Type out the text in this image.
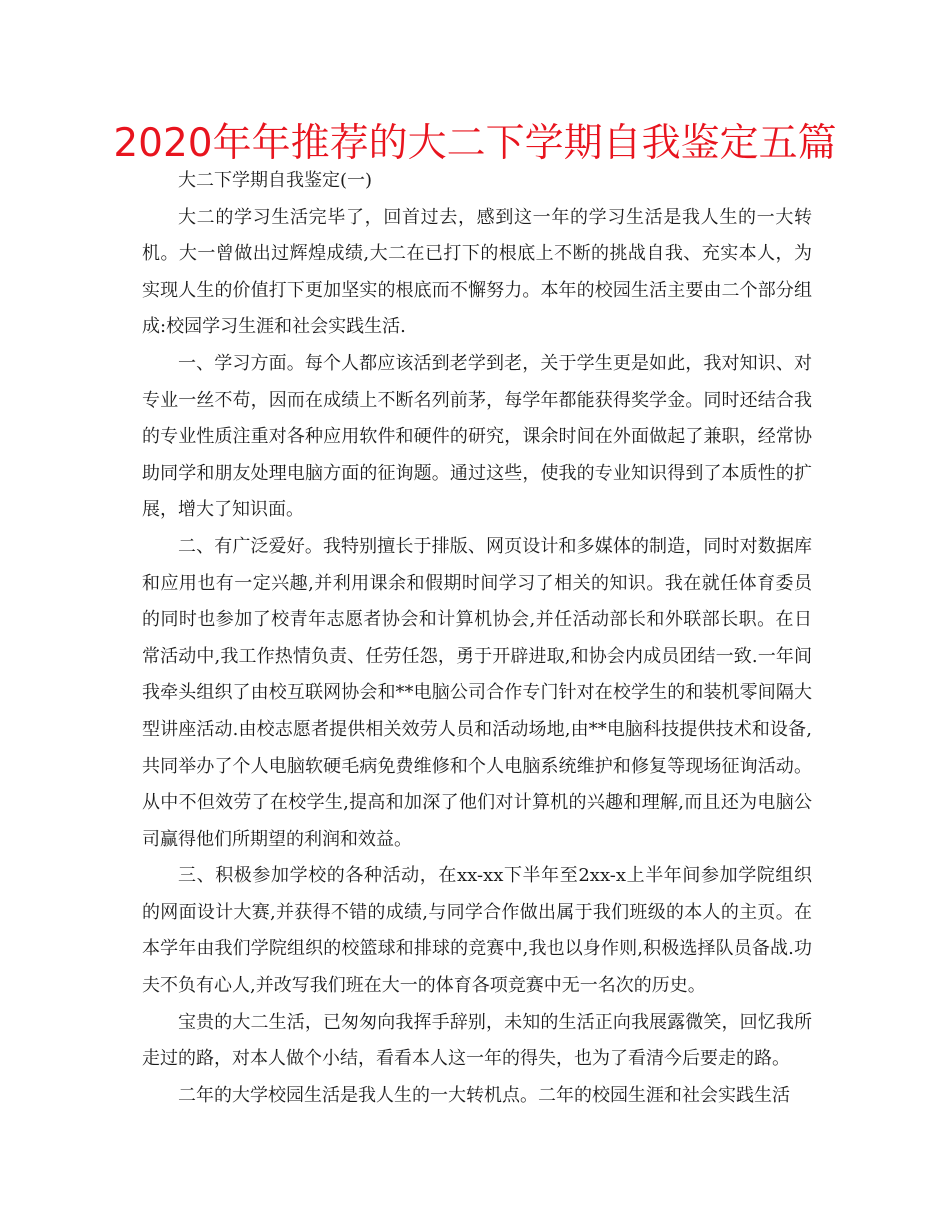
2020年年推荐的大二下学期自我鉴定五篇

大二下学期自我鉴定(一)

大二的学习生活完毕了，回首过去，感到这一年的学习生活是我人生的一大转机。大一曾做出过辉煌成绩,大二在已打下的根底上不断的挑战自我、充实本人，为实现人生的价值打下更加坚实的根底而不懈努力。本年的校园生活主要由二个部分组成:校园学习生涯和社会实践生活.

一、学习方面。每个人都应该活到老学到老，关于学生更是如此，我对知识、对专业一丝不苟，因而在成绩上不断名列前茅，每学年都能获得奖学金。同时还结合我的专业性质注重对各种应用软件和硬件的研究，课余时间在外面做起了兼职，经常协助同学和朋友处理电脑方面的征询题。通过这些，使我的专业知识得到了本质性的扩展，增大了知识面。

二、有广泛爱好。我特别擅长于排版、网页设计和多媒体的制造，同时对数据库和应用也有一定兴趣,并利用课余和假期时间学习了相关的知识。我在就任体育委员的同时也参加了校青年志愿者协会和计算机协会,并任活动部长和外联部长职。在日常活动中,我工作热情负责、任劳任怨，勇于开辟进取,和协会内成员团结一致.一年间我牵头组织了由校互联网协会和**电脑公司合作专门针对在校学生的和装机零间隔大型讲座活动.由校志愿者提供相关效劳人员和活动场地,由**电脑科技提供技术和设备,共同举办了个人电脑软硬毛病免费维修和个人电脑系统维护和修复等现场征询活动。从中不但效劳了在校学生,提高和加深了他们对计算机的兴趣和理解,而且还为电脑公司赢得他们所期望的利润和效益。

三、积极参加学校的各种活动，在xx-xx下半年至2xx-x上半年间参加学院组织的网面设计大赛,并获得不错的成绩,与同学合作做出属于我们班级的本人的主页。在本学年由我们学院组织的校篮球和排球的竞赛中,我也以身作则,积极选择队员备战.功夫不负有心人,并改写我们班在大一的体育各项竞赛中无一名次的历史。

宝贵的大二生活，已匆匆向我挥手辞别，未知的生活正向我展露微笑，回忆我所走过的路，对本人做个小结，看看本人这一年的得失，也为了看清今后要走的路。

二年的大学校园生活是我人生的一大转机点。二年的校园生涯和社会实践生活
